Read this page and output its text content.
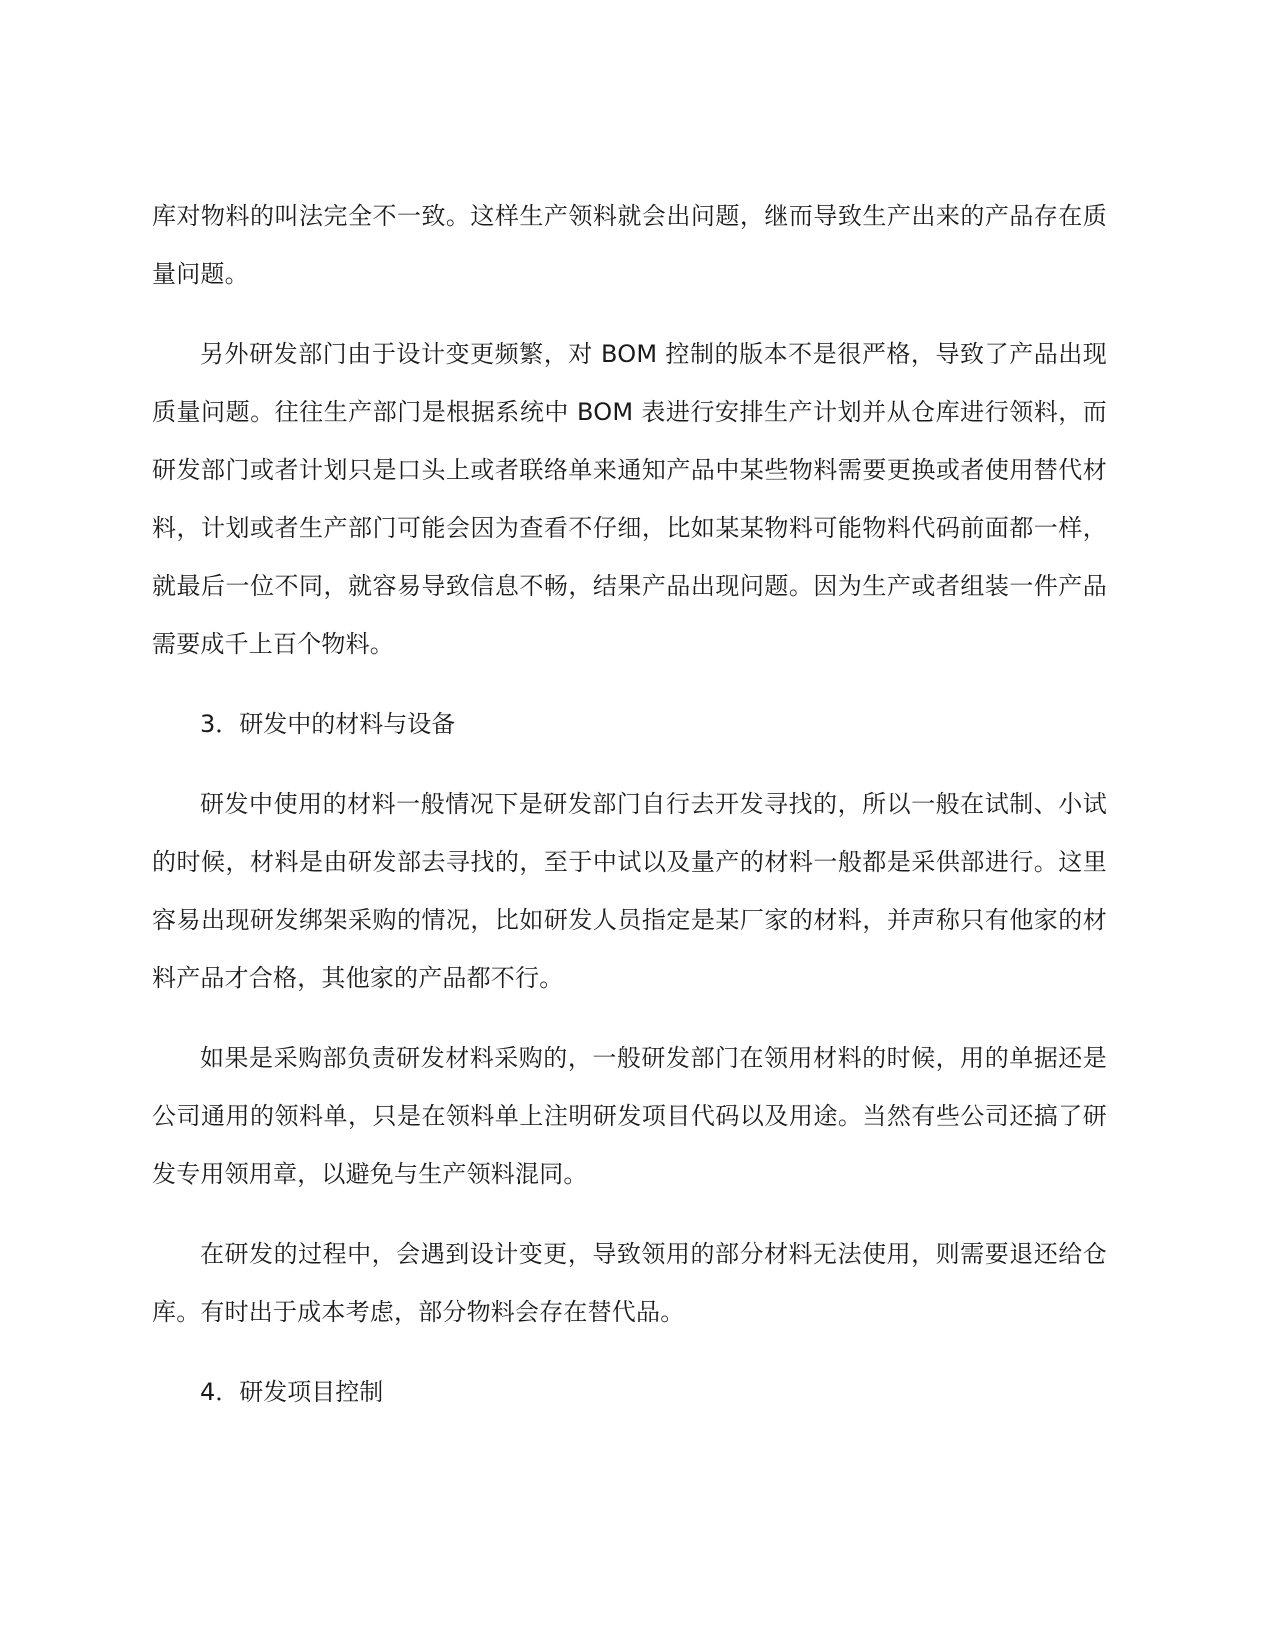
库对物料的叫法完全不一致。这样生产领料就会出问题，继而导致生产出来的产品存在质量问题。

另外研发部门由于设计变更频繁，对 BOM 控制的版本不是很严格，导致了产品出现质量问题。往往生产部门是根据系统中 BOM 表进行安排生产计划并从仓库进行领料，而研发部门或者计划只是口头上或者联络单来通知产品中某些物料需要更换或者使用替代材料，计划或者生产部门可能会因为查看不仔细，比如某某物料可能物料代码前面都一样，就最后一位不同，就容易导致信息不畅，结果产品出现问题。因为生产或者组装一件产品需要成千上百个物料。

3．研发中的材料与设备

研发中使用的材料一般情况下是研发部门自行去开发寻找的，所以一般在试制、小试的时候，材料是由研发部去寻找的，至于中试以及量产的材料一般都是采供部进行。这里容易出现研发绑架采购的情况，比如研发人员指定是某厂家的材料，并声称只有他家的材料产品才合格，其他家的产品都不行。

如果是采购部负责研发材料采购的，一般研发部门在领用材料的时候，用的单据还是公司通用的领料单，只是在领料单上注明研发项目代码以及用途。当然有些公司还搞了研发专用领用章，以避免与生产领料混同。

在研发的过程中，会遇到设计变更，导致领用的部分材料无法使用，则需要退还给仓库。有时出于成本考虑，部分物料会存在替代品。

4．研发项目控制
